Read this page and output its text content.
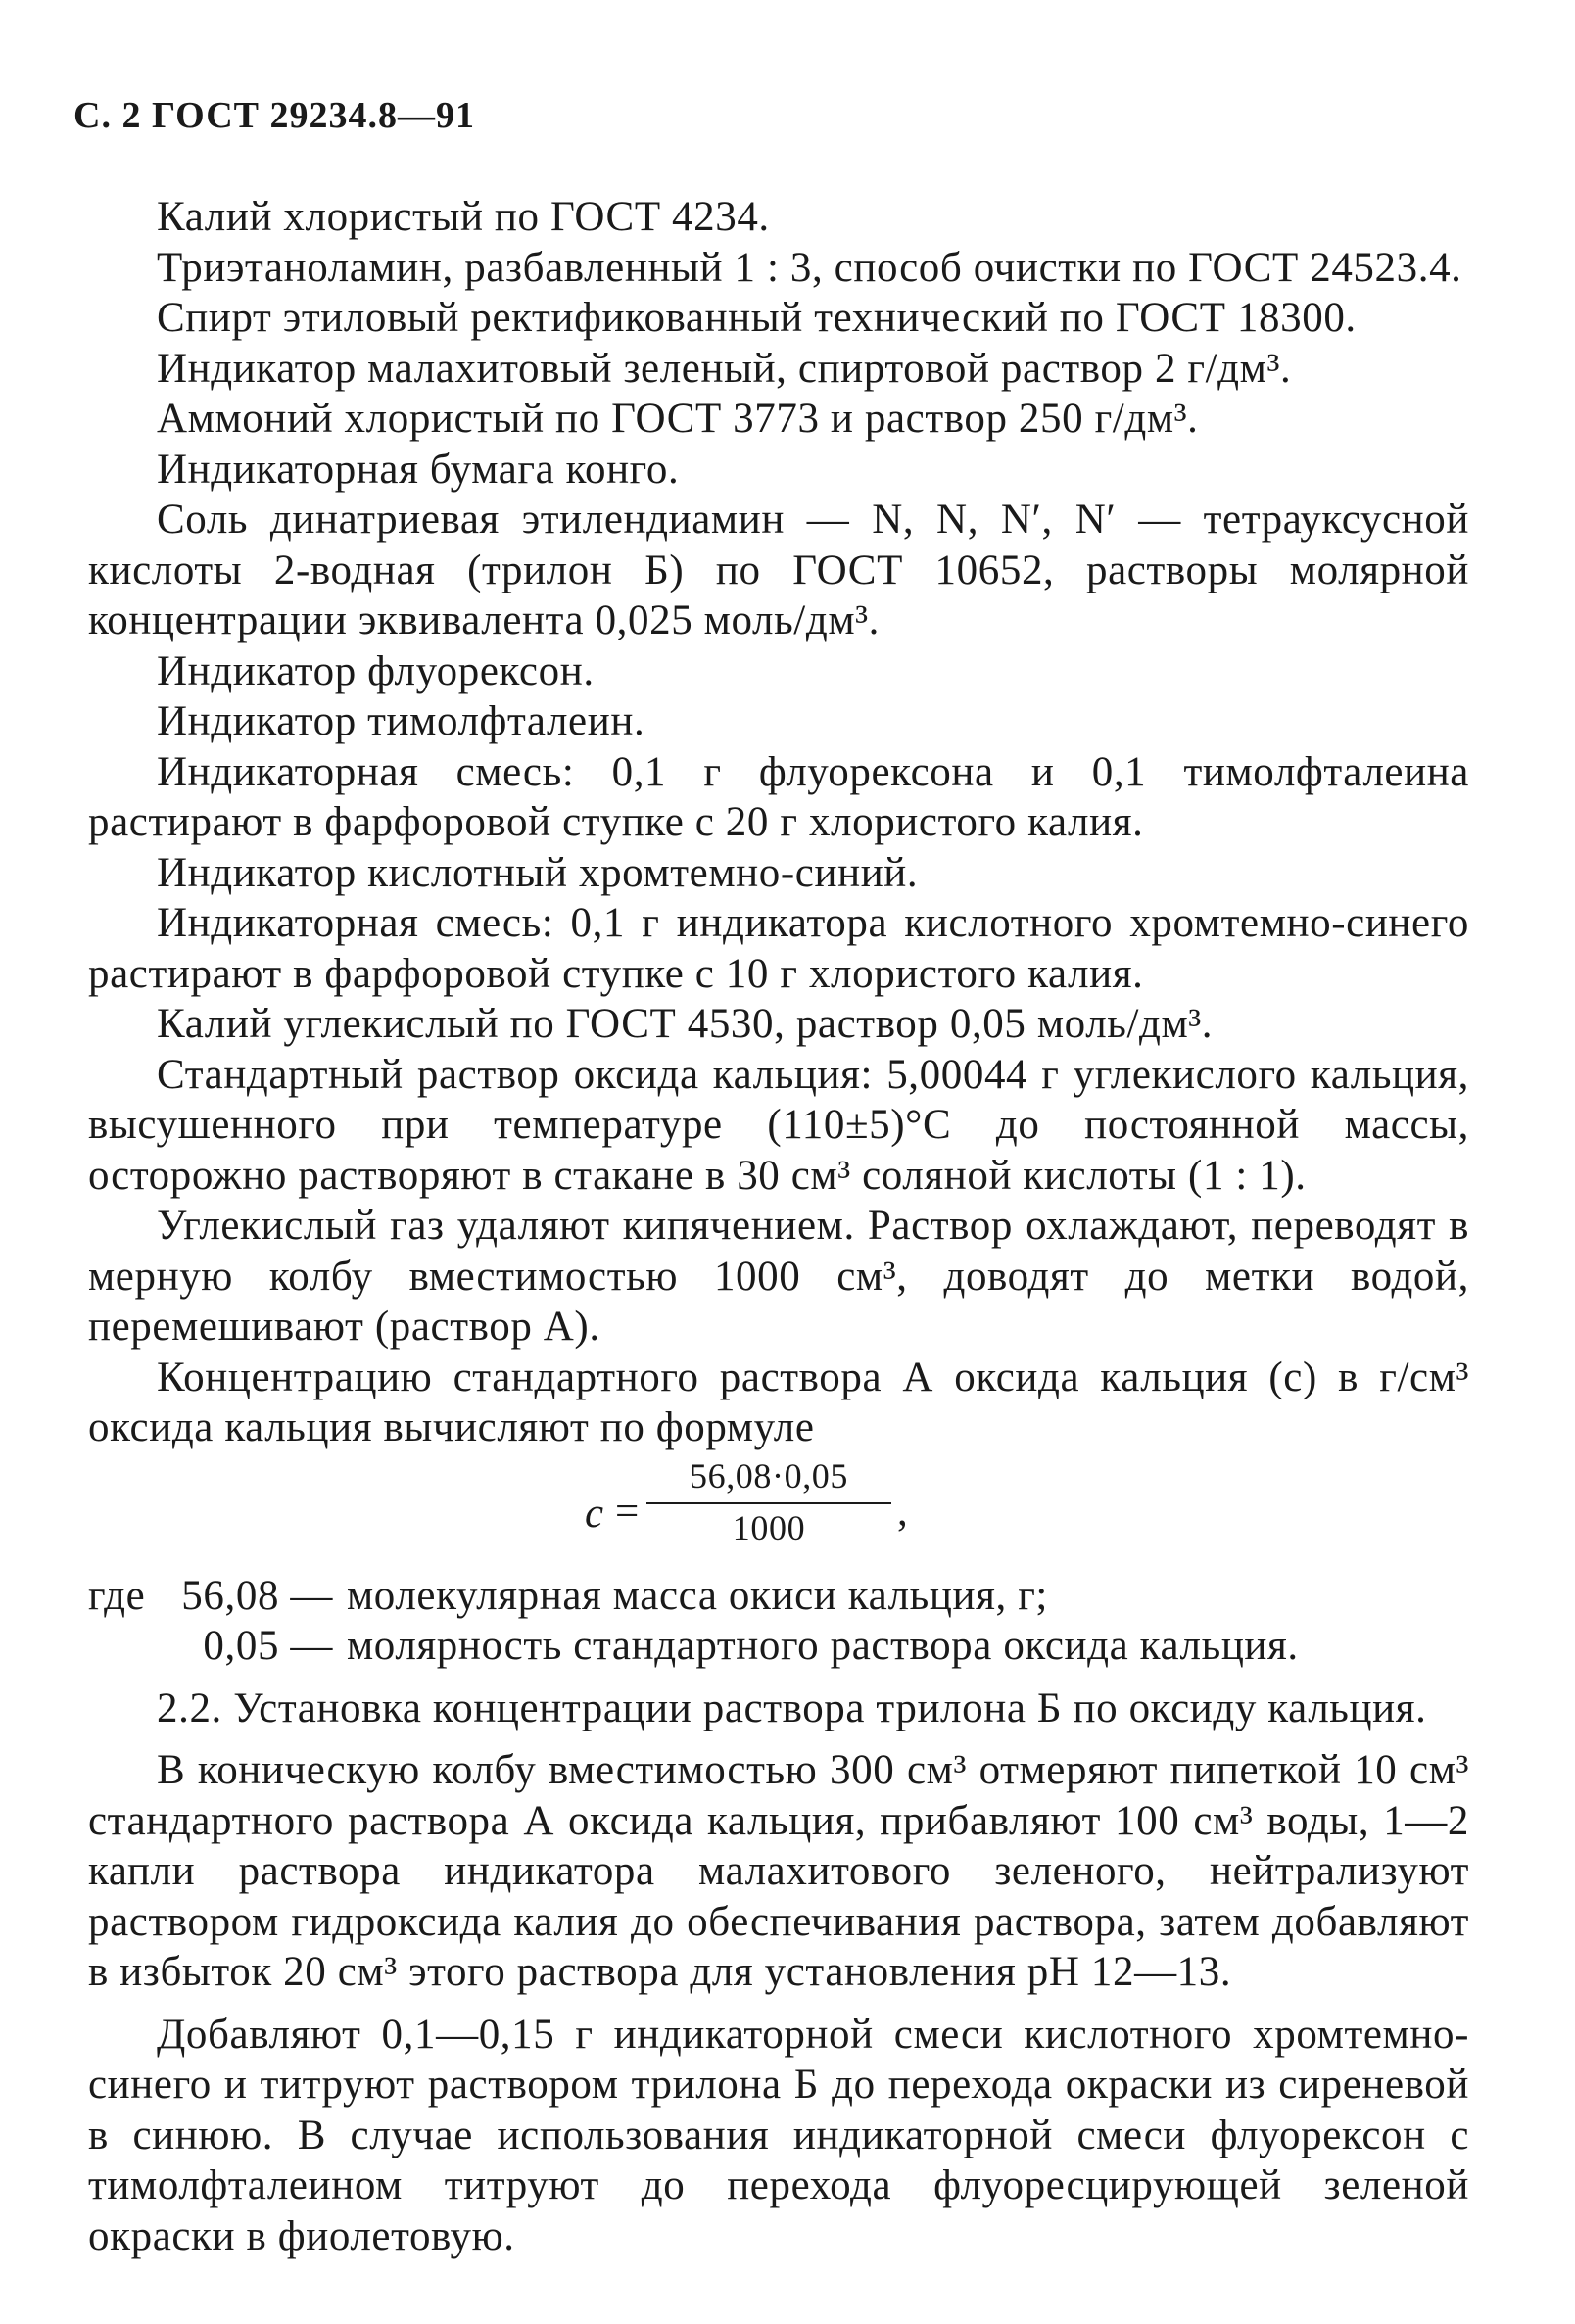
С. 2 ГОСТ 29234.8—91

Калий хлористый по ГОСТ 4234.

Триэтаноламин, разбавленный 1 : 3, способ очистки по ГОСТ 24523.4.

Спирт этиловый ректификованный технический по ГОСТ 18300.

Индикатор малахитовый зеленый, спиртовой раствор 2 г/дм³.

Аммоний хлористый по ГОСТ 3773 и раствор 250 г/дм³.

Индикаторная бумага конго.

Соль динатриевая этилендиамин — N, N, N′, N′ — тетрауксусной кислоты 2-водная (трилон Б) по ГОСТ 10652, растворы молярной концентрации эквивалента 0,025 моль/дм³.

Индикатор флуорексон.

Индикатор тимолфталеин.

Индикаторная смесь: 0,1 г флуорексона и 0,1 тимолфталеина растирают в фарфоровой ступке с 20 г хлористого калия.

Индикатор кислотный хромтемно-синий.

Индикаторная смесь: 0,1 г индикатора кислотного хромтемно-синего растирают в фарфоровой ступке с 10 г хлористого калия.

Калий углекислый по ГОСТ 4530, раствор 0,05 моль/дм³.

Стандартный раствор оксида кальция: 5,00044 г углекислого кальция, высушенного при температуре (110±5)°С до постоянной массы, осторожно растворяют в стакане в 30 см³ соляной кислоты (1 : 1).

Углекислый газ удаляют кипячением. Раствор охлаждают, переводят в мерную колбу вместимостью 1000 см³, доводят до метки водой, перемешивают (раствор А).

Концентрацию стандартного раствора А оксида кальция (с) в г/см³ оксида кальция вычисляют по формуле

$с = \frac{56,08\cdot 0,05}{1000}$ ,
где 56,08 — молекулярная масса окиси кальция, г;
0,05 — молярность стандартного раствора оксида кальция.

2.2. Установка концентрации раствора трилона Б по оксиду кальция.

В коническую колбу вместимостью 300 см³ отмеряют пипеткой 10 см³ стандартного раствора А оксида кальция, прибавляют 100 см³ воды, 1—2 капли раствора индикатора малахитового зеленого, нейтрализуют раствором гидроксида калия до обеспечивания раствора, затем добавляют в избыток 20 см³ этого раствора для установления рН 12—13.

Добавляют 0,1—0,15 г индикаторной смеси кислотного хромтемно-синего и титруют раствором трилона Б до перехода окраски из сиреневой в синюю. В случае использования индикаторной смеси флуорексон с тимолфталеином титруют до перехода флуоресцирующей зеленой окраски в фиолетовую.
